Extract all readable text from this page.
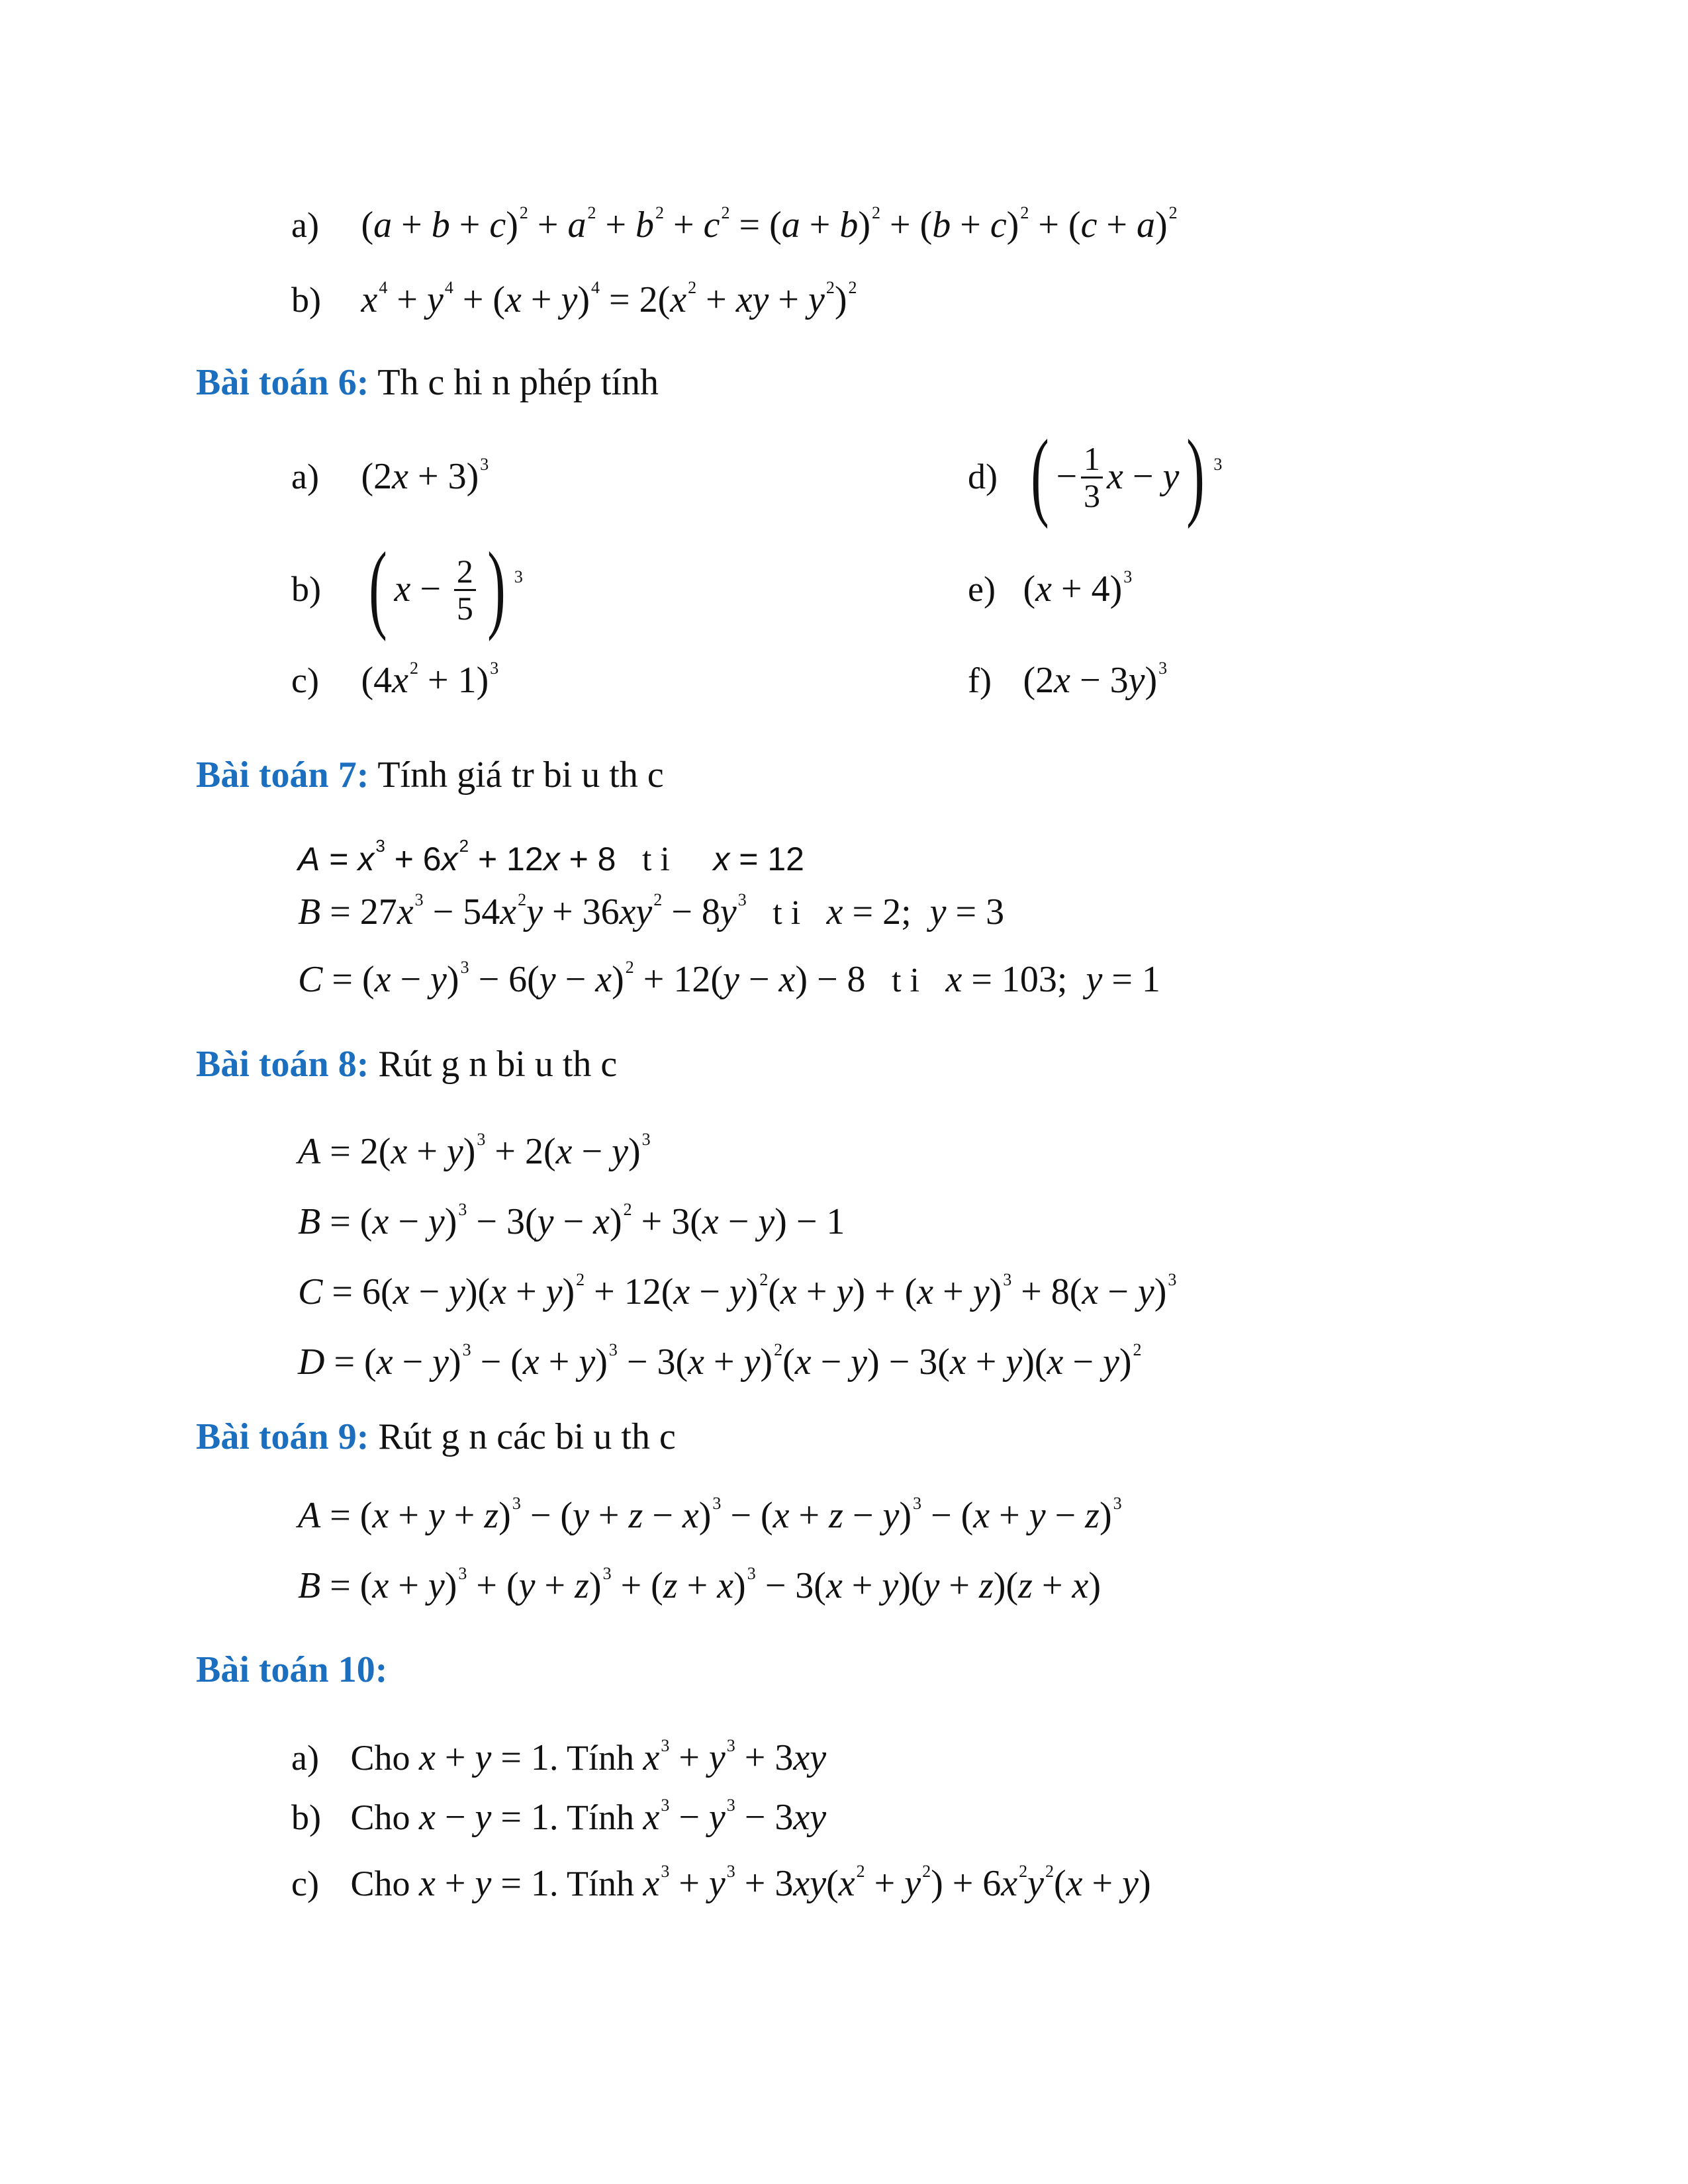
a) $(a + b + c)^2 + a^2 + b^2 + c^2 = (a + b)^2 + (b + c)^2 + (c + a)^2$
b) $x^4 + y^4 + (x + y)^4 = 2(x^2$ + xy + $y^2)^2$
Bài toán 6: Th c hi n phép tính
a) $(2x + 3)^3$	d) ( − $\frac{1}{3}$ x − y) $^3$
b) ( $x - \frac{2}{5}$ ) $^3$	e) $(x + 4)^3$
c) $(4x^2 + 1)^3$	f) $(2x - 3y)^3$
Bài toán 7: Tính giá tr bi u th c
$A = x^3 + 6x^2 + 12x + 8$ t i x = 12
$B = 27x^3 - 54x^2y + 36xy^2 - 8y^3$ t i x = 2;  y = 3
$C = (x - y)^3 - 6(y - x)^2 + 12(y - x) - 8$ t i x = 103;  y = 1
Bài toán 8: Rút g n bi u th c
$A = 2(x + y)^3 + 2(x - y)^3$
$B = (x - y)^3 - 3(y - x)^2 + 3(x - y) - 1$
$C = 6(x - y)(x + y)^2 + 12(x - y)^2(x + y) + (x + y)^3 + 8(x - y)^3$
$D = (x - y)^3 - (x + y)^3 - 3(x + y)^2(x - y) - 3(x + y)(x - y)^2$
Bài toán 9: Rút g n các bi u th c
$A = (x + y + z)^3 - (y + z - x)^3 - (x + z - y)^3 - (x + y - z)^3$
$B = (x + y)^3 + (y + z)^3 + (z + x)^3 - 3(x + y)(y + z)(z + x)$
Bài toán 10:
a) Cho x + y = 1. Tính $x^3 + y^3 + 3xy$
b) Cho x − y = 1. Tính $x^3 - y^3 - 3xy$
c) Cho x + y = 1. Tính $x^3 + y^3 + 3xy(x^2 + y^2) + 6x^2y^2(x + y)$
